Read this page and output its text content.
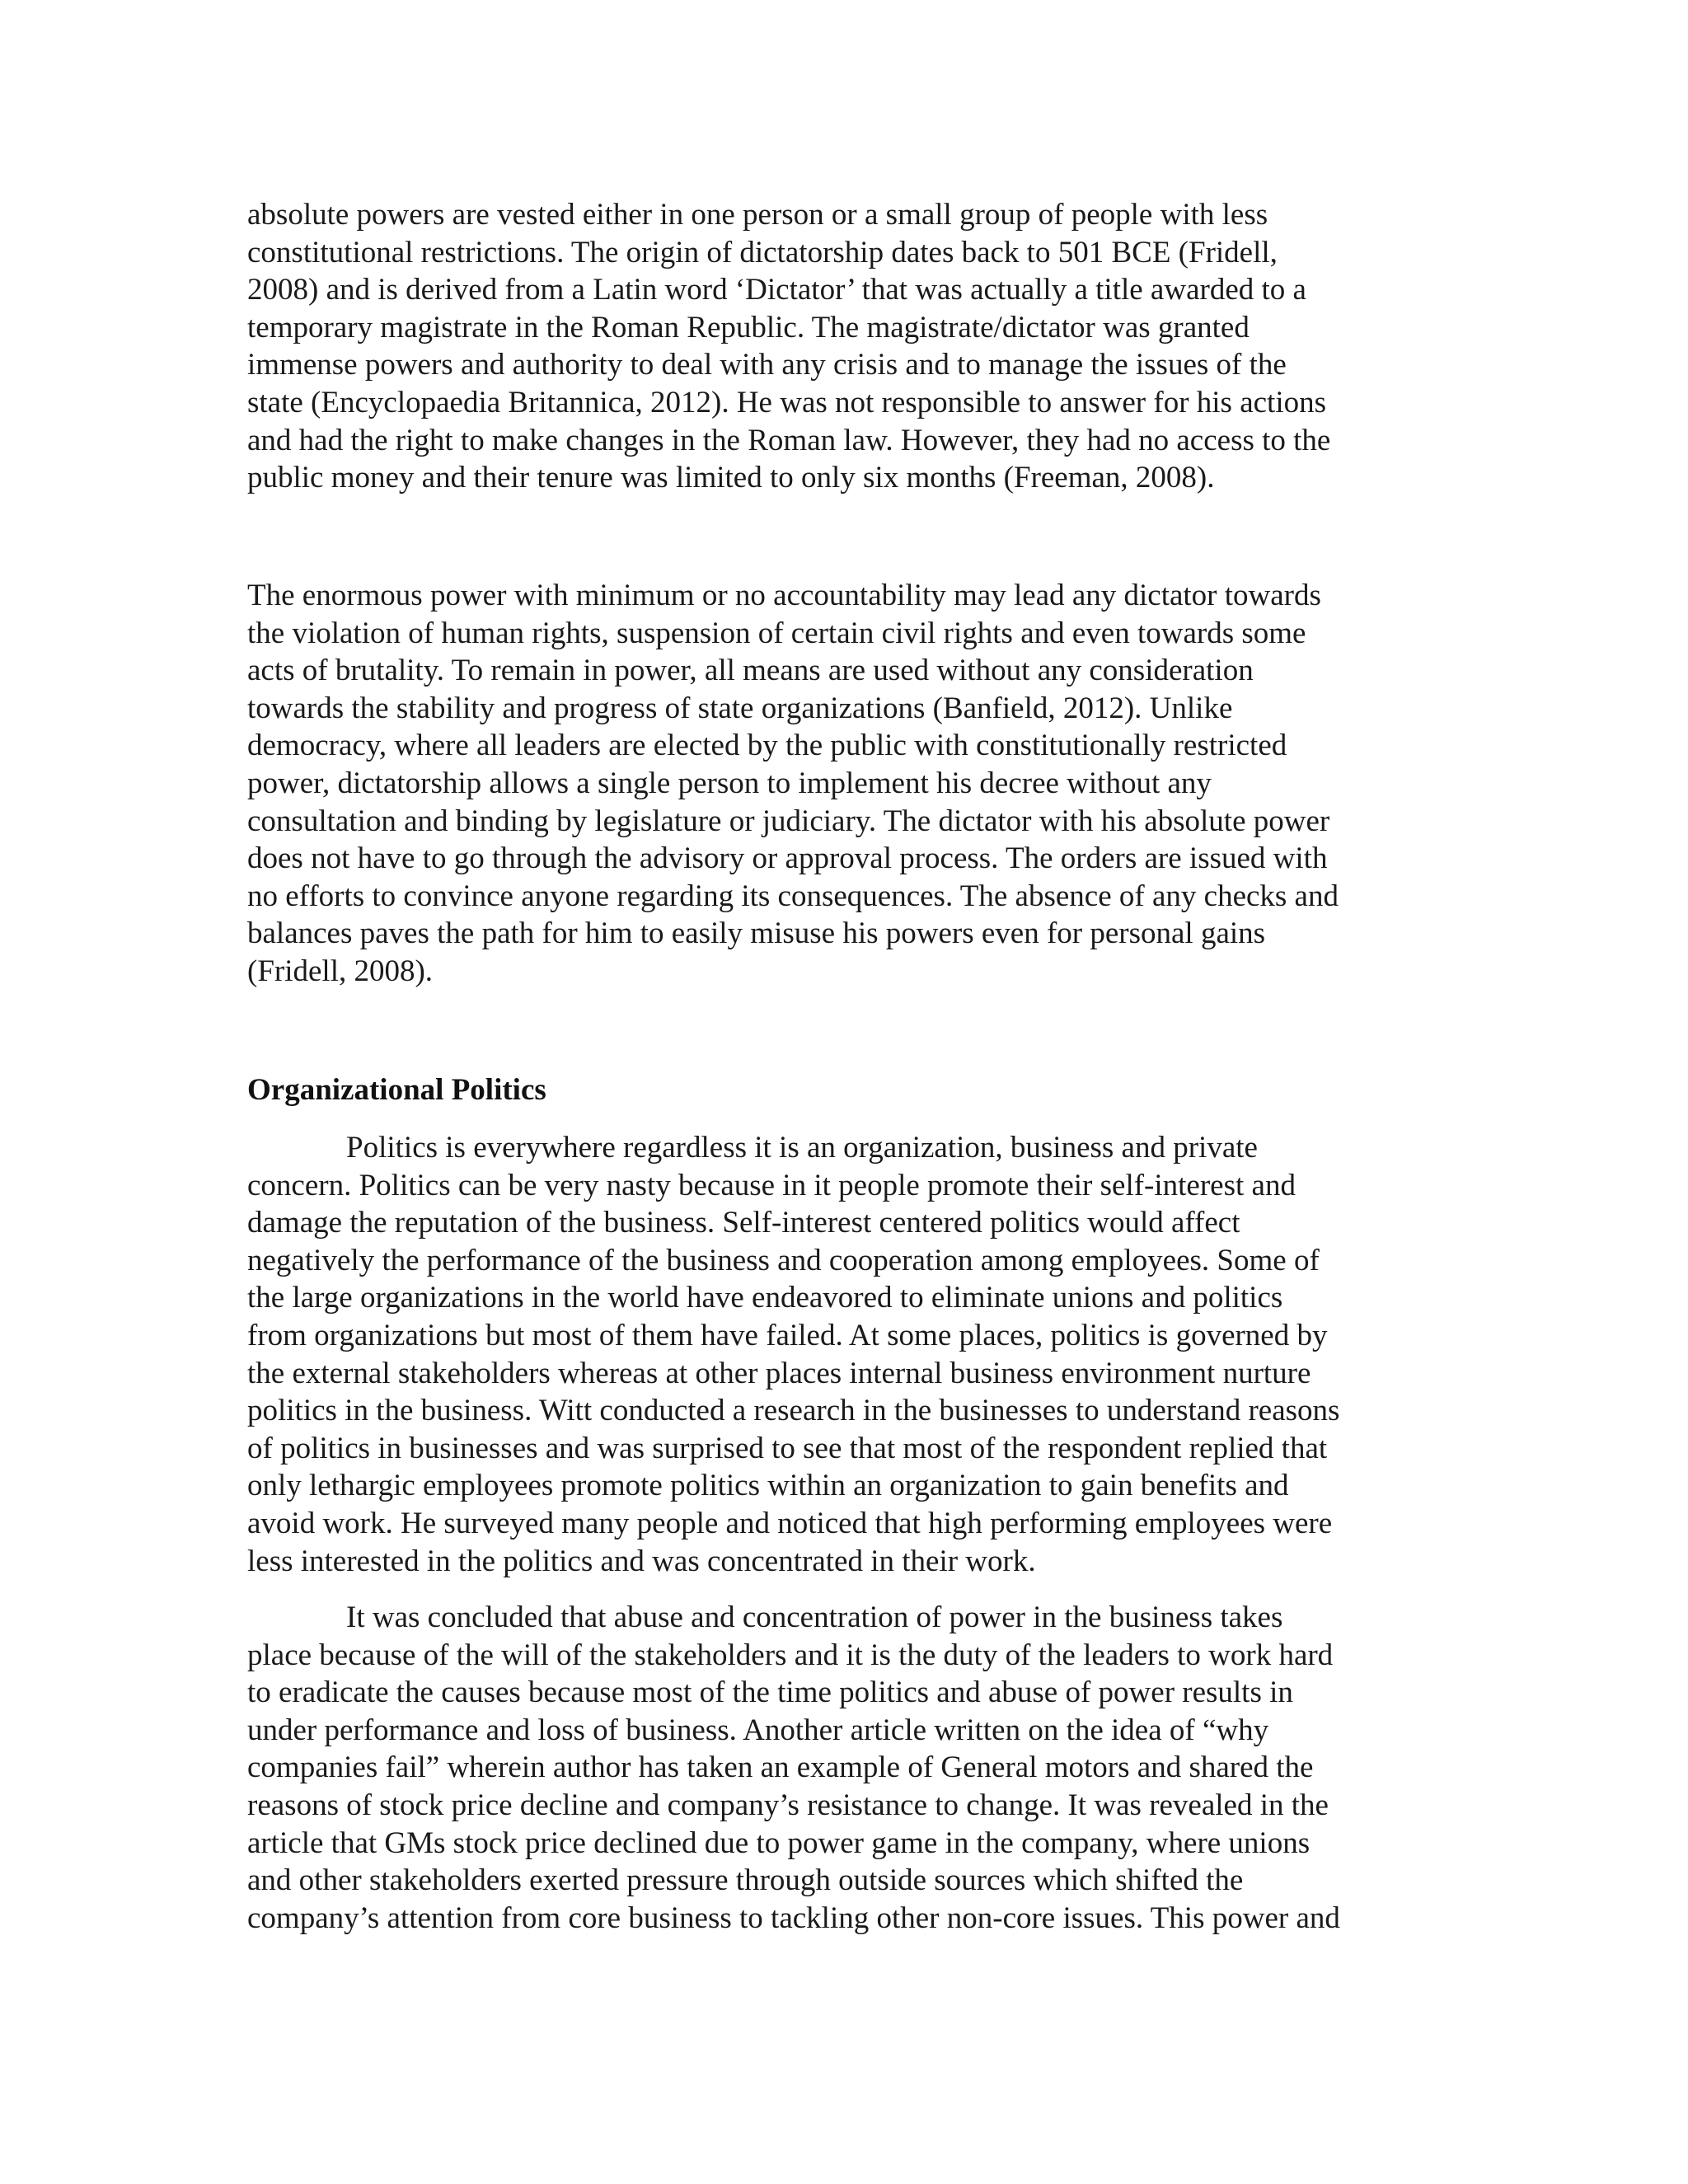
absolute powers are vested either in one person or a small group of people with less
constitutional restrictions. The origin of dictatorship dates back to 501 BCE (Fridell,
2008) and is derived from a Latin word ‘Dictator’ that was actually a title awarded to a
temporary magistrate in the Roman Republic. The magistrate/dictator was granted
immense powers and authority to deal with any crisis and to manage the issues of the
state (Encyclopaedia Britannica, 2012). He was not responsible to answer for his actions
and had the right to make changes in the Roman law. However, they had no access to the
public money and their tenure was limited to only six months (Freeman, 2008).
The enormous power with minimum or no accountability may lead any dictator towards
the violation of human rights, suspension of certain civil rights and even towards some
acts of brutality. To remain in power, all means are used without any consideration
towards the stability and progress of state organizations (Banfield, 2012). Unlike
democracy, where all leaders are elected by the public with constitutionally restricted
power, dictatorship allows a single person to implement his decree without any
consultation and binding by legislature or judiciary. The dictator with his absolute power
does not have to go through the advisory or approval process. The orders are issued with
no efforts to convince anyone regarding its consequences. The absence of any checks and
balances paves the path for him to easily misuse his powers even for personal gains
(Fridell, 2008).
Organizational Politics
Politics is everywhere regardless it is an organization, business and private
concern. Politics can be very nasty because in it people promote their self-interest and
damage the reputation of the business. Self-interest centered politics would affect
negatively the performance of the business and cooperation among employees. Some of
the large organizations in the world have endeavored to eliminate unions and politics
from organizations but most of them have failed. At some places, politics is governed by
the external stakeholders whereas at other places internal business environment nurture
politics in the business. Witt conducted a research in the businesses to understand reasons
of politics in businesses and was surprised to see that most of the respondent replied that
only lethargic employees promote politics within an organization to gain benefits and
avoid work. He surveyed many people and noticed that high performing employees were
less interested in the politics and was concentrated in their work.
It was concluded that abuse and concentration of power in the business takes
place because of the will of the stakeholders and it is the duty of the leaders to work hard
to eradicate the causes because most of the time politics and abuse of power results in
under performance and loss of business. Another article written on the idea of “why
companies fail” wherein author has taken an example of General motors and shared the
reasons of stock price decline and company’s resistance to change. It was revealed in the
article that GMs stock price declined due to power game in the company, where unions
and other stakeholders exerted pressure through outside sources which shifted the
company’s attention from core business to tackling other non-core issues. This power and
